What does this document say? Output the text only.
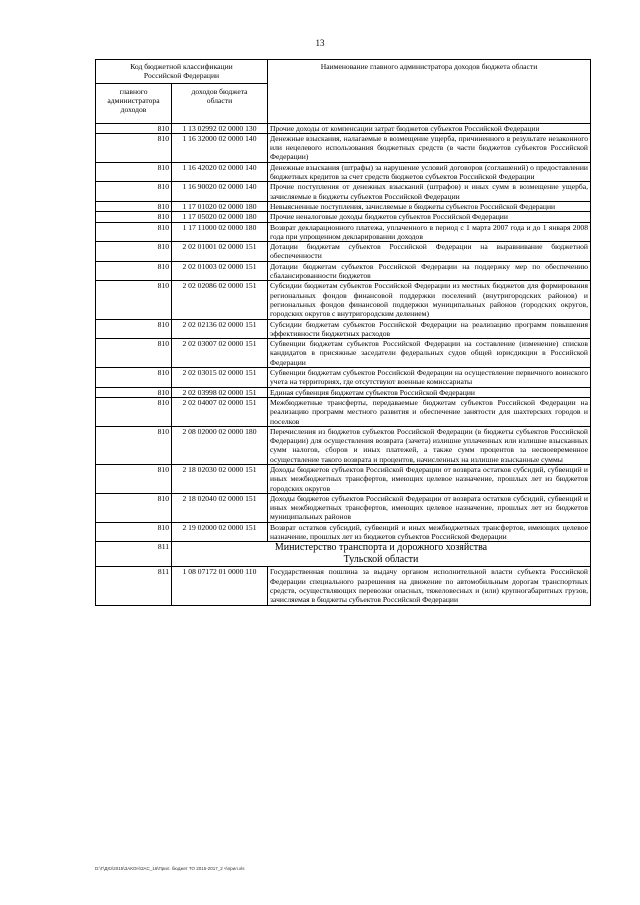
13
Код бюджетной классификации Российской Федерации		Наименование главного администратора доходов бюджета области
главного администратора доходов	доходов бюджета области	
810	1 13 02992 02 0000 130	Прочие доходы от компенсации затрат бюджетов субъектов Российской Федерации
810	1 16 32000 02 0000 140	Денежные взыскания, налагаемые в возмещение ущерба, причиненного в результате незаконного или нецелевого использования бюджетных средств (в части бюджетов субъектов Российской Федерации)
810	1 16 42020 02 0000 140	Денежные взыскания (штрафы) за нарушение условий договоров (соглашений) о предоставлении бюджетных кредитов за счет средств бюджетов субъектов Российской Федерации
810	1 16 90020 02 0000 140	Прочие поступления от денежных взысканий (штрафов) и иных сумм в возмещение ущерба, зачисляемые в бюджеты субъектов Российской Федерации
810	1 17 01020 02 0000 180	Невыясненные поступления, зачисляемые в бюджеты субъектов Российской Федерации
810	1 17 05020 02 0000 180	Прочие неналоговые доходы бюджетов субъектов Российской Федерации
810	1 17 11000 02 0000 180	Возврат декларационного платежа, уплаченного в период с 1 марта 2007 года и до 1 января 2008 года при упрощенном декларировании доходов
810	2 02 01001 02 0000 151	Дотации бюджетам субъектов Российской Федерации на выравнивание бюджетной обеспеченности
810	2 02 01003 02 0000 151	Дотации бюджетам субъектов Российской Федерации на поддержку мер по обеспечению сбалансированности бюджетов
810	2 02 02086 02 0000 151	Субсидии бюджетам субъектов Российской Федерации из местных бюджетов для формирования региональных фондов финансовой поддержки поселений (внутригородских районов) и региональных фондов финансовой поддержки муниципальных районов (городских округов, городских округов с внутригородским делением)
810	2 02 02136 02 0000 151	Субсидии бюджетам субъектов Российской Федерации на реализацию программ повышения эффективности бюджетных расходов
810	2 02 03007 02 0000 151	Субвенции бюджетам субъектов Российской Федерации на составление (изменение) списков кандидатов в присяжные заседатели федеральных судов общей юрисдикции в Российской Федерации
810	2 02 03015 02 0000 151	Субвенции бюджетам субъектов Российской Федерации на осуществление первичного воинского учета на территориях, где отсутствуют военные комиссариаты
810	2 02 03998 02 0000 151	Единая субвенция бюджетам субъектов Российской Федерации
810	2 02 04007 02 0000 151	Межбюджетные трансферты, передаваемые бюджетам субъектов Российской Федерации на реализацию программ местного развития и обеспечение занятости для шахтерских городов и поселков
810	2 08 02000 02 0000 180	Перечисления из бюджетов субъектов Российской Федерации (в бюджеты субъектов Российской Федерации) для осуществления возврата (зачета) излишне уплаченных или излишне взысканных сумм налогов, сборов и иных платежей, а также сумм процентов за несвоевременное осуществление такого возврата и процентов, начисленных на излишне взысканные суммы
810	2 18 02030 02 0000 151	Доходы бюджетов субъектов Российской Федерации от возврата остатков субсидий, субвенций и иных межбюджетных трансфертов, имеющих целевое назначение, прошлых лет из бюджетов городских округов
810	2 18 02040 02 0000 151	Доходы бюджетов субъектов Российской Федерации от возврата остатков субсидий, субвенций и иных межбюджетных трансфертов, имеющих целевое назначение, прошлых лет из бюджетов муниципальных районов
810	2 19 02000 02 0000 151	Возврат остатков субсидий, субвенций и иных межбюджетных трансфертов, имеющих целевое назначение, прошлых лет из бюджетов субъектов Российской Федерации
811	Министерство транспорта и дорожного хозяйства
Тульской области	

811	1 08 07172 01 0000 110	Государственная пошлина за выдачу органом исполнительной власти субъекта Российской Федерации специального разрешения на движение по автомобильным дорогам транспортных средств, осуществляющих перевозки опасных, тяжеловесных и (или) крупногабаритных грузов, зачисляемая в бюджеты субъектов Российской Федерации
D:\Г\ДЮ\2015\ЗАКОН\ЗАС_16\Прил. бюджет ТО 2015-2017_2 ч\прил.xls
